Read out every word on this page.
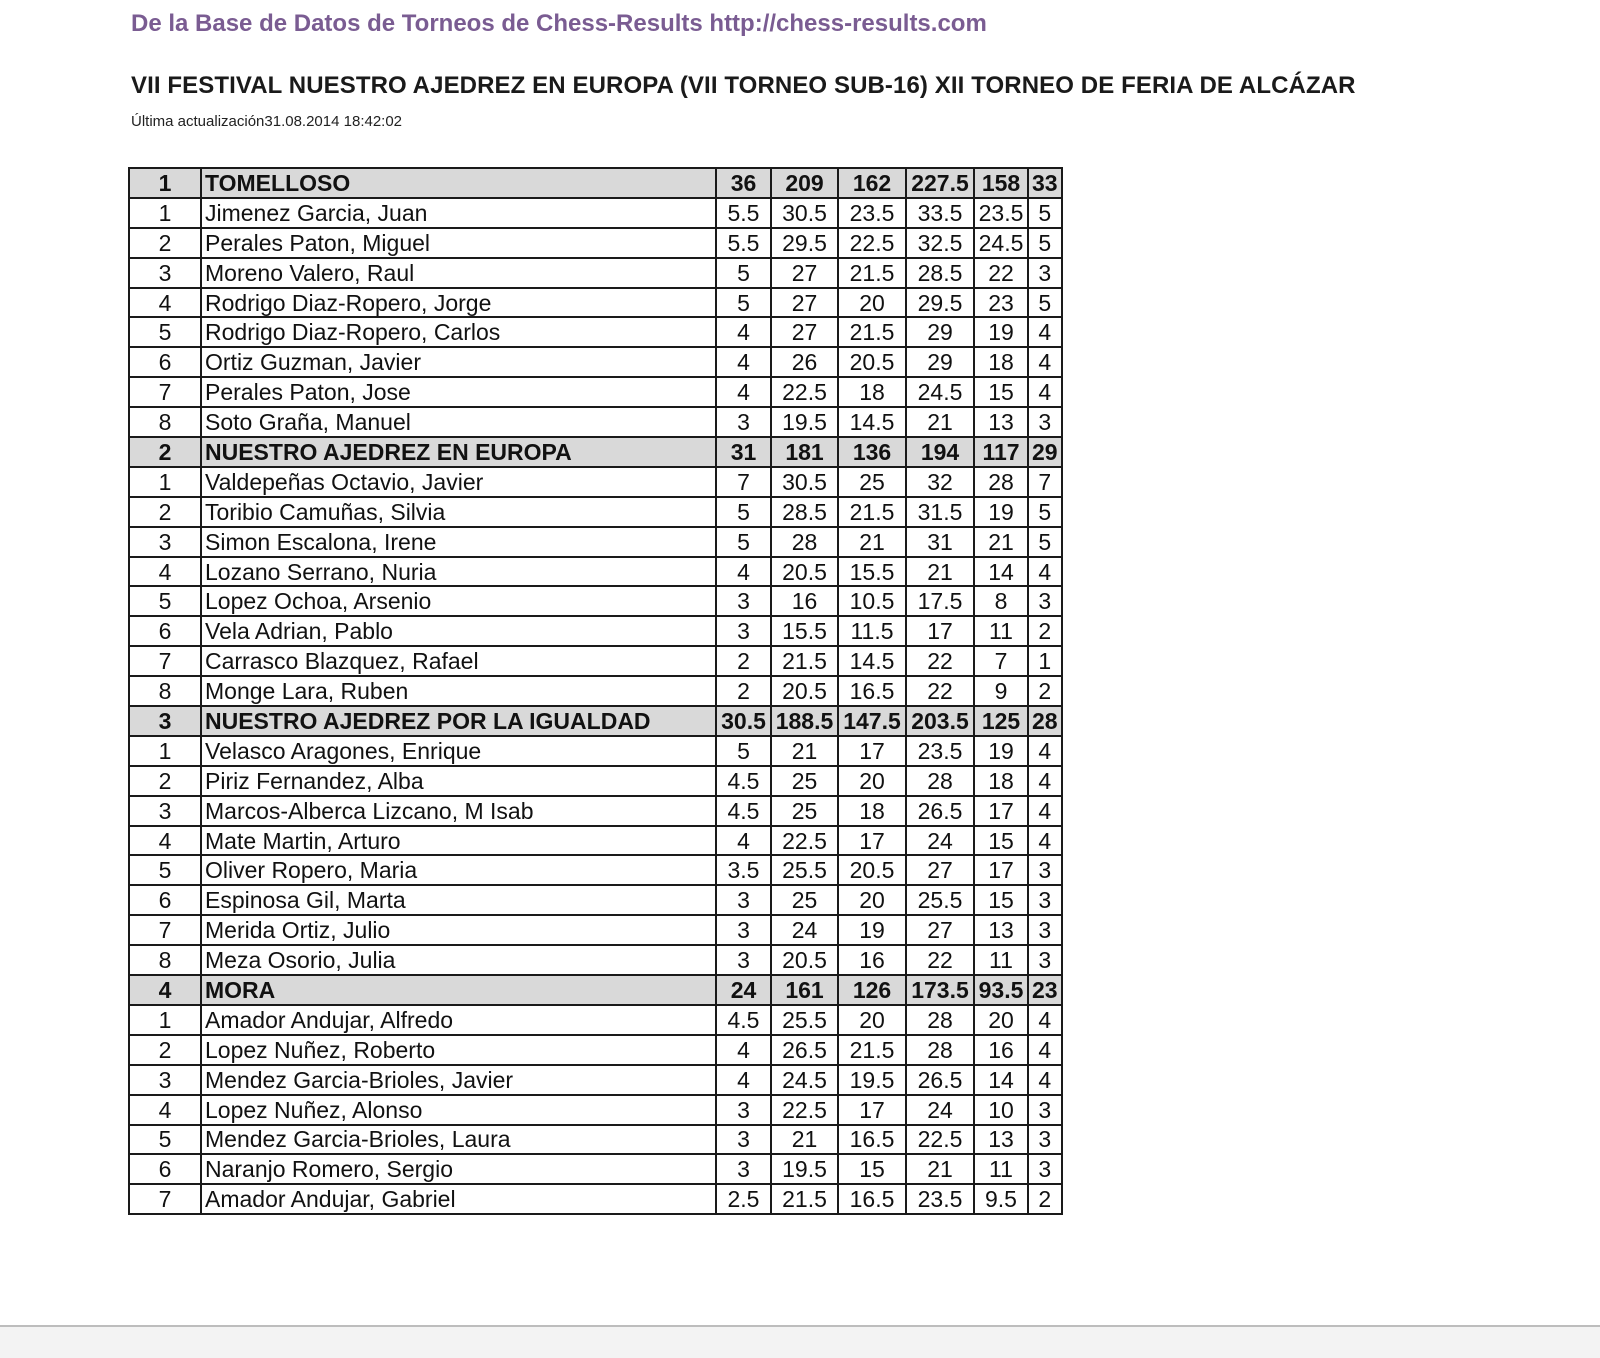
De la Base de Datos de Torneos de Chess-Results http://chess-results.com
VII FESTIVAL NUESTRO AJEDREZ EN EUROPA (VII TORNEO SUB-16) XII TORNEO DE FERIA DE ALCÁZAR
Última actualización31.08.2014 18:42:02
1	TOMELLOSO	36	209	162	227.5	158	33
1	Jimenez Garcia, Juan	5.5	30.5	23.5	33.5	23.5	5
2	Perales Paton, Miguel	5.5	29.5	22.5	32.5	24.5	5
3	Moreno Valero, Raul	5	27	21.5	28.5	22	3
4	Rodrigo Diaz-Ropero, Jorge	5	27	20	29.5	23	5
5	Rodrigo Diaz-Ropero, Carlos	4	27	21.5	29	19	4
6	Ortiz Guzman, Javier	4	26	20.5	29	18	4
7	Perales Paton, Jose	4	22.5	18	24.5	15	4
8	Soto Graña, Manuel	3	19.5	14.5	21	13	3
2	NUESTRO AJEDREZ EN EUROPA	31	181	136	194	117	29
1	Valdepeñas Octavio, Javier	7	30.5	25	32	28	7
2	Toribio Camuñas, Silvia	5	28.5	21.5	31.5	19	5
3	Simon Escalona, Irene	5	28	21	31	21	5
4	Lozano Serrano, Nuria	4	20.5	15.5	21	14	4
5	Lopez Ochoa, Arsenio	3	16	10.5	17.5	8	3
6	Vela Adrian, Pablo	3	15.5	11.5	17	11	2
7	Carrasco Blazquez, Rafael	2	21.5	14.5	22	7	1
8	Monge Lara, Ruben	2	20.5	16.5	22	9	2
3	NUESTRO AJEDREZ POR LA IGUALDAD	30.5	188.5	147.5	203.5	125	28
1	Velasco Aragones, Enrique	5	21	17	23.5	19	4
2	Piriz Fernandez, Alba	4.5	25	20	28	18	4
3	Marcos-Alberca Lizcano, M Isab	4.5	25	18	26.5	17	4
4	Mate Martin, Arturo	4	22.5	17	24	15	4
5	Oliver Ropero, Maria	3.5	25.5	20.5	27	17	3
6	Espinosa Gil, Marta	3	25	20	25.5	15	3
7	Merida Ortiz, Julio	3	24	19	27	13	3
8	Meza Osorio, Julia	3	20.5	16	22	11	3
4	MORA	24	161	126	173.5	93.5	23
1	Amador Andujar, Alfredo	4.5	25.5	20	28	20	4
2	Lopez Nuñez, Roberto	4	26.5	21.5	28	16	4
3	Mendez Garcia-Brioles, Javier	4	24.5	19.5	26.5	14	4
4	Lopez Nuñez, Alonso	3	22.5	17	24	10	3
5	Mendez Garcia-Brioles, Laura	3	21	16.5	22.5	13	3
6	Naranjo Romero, Sergio	3	19.5	15	21	11	3
7	Amador Andujar, Gabriel	2.5	21.5	16.5	23.5	9.5	2
